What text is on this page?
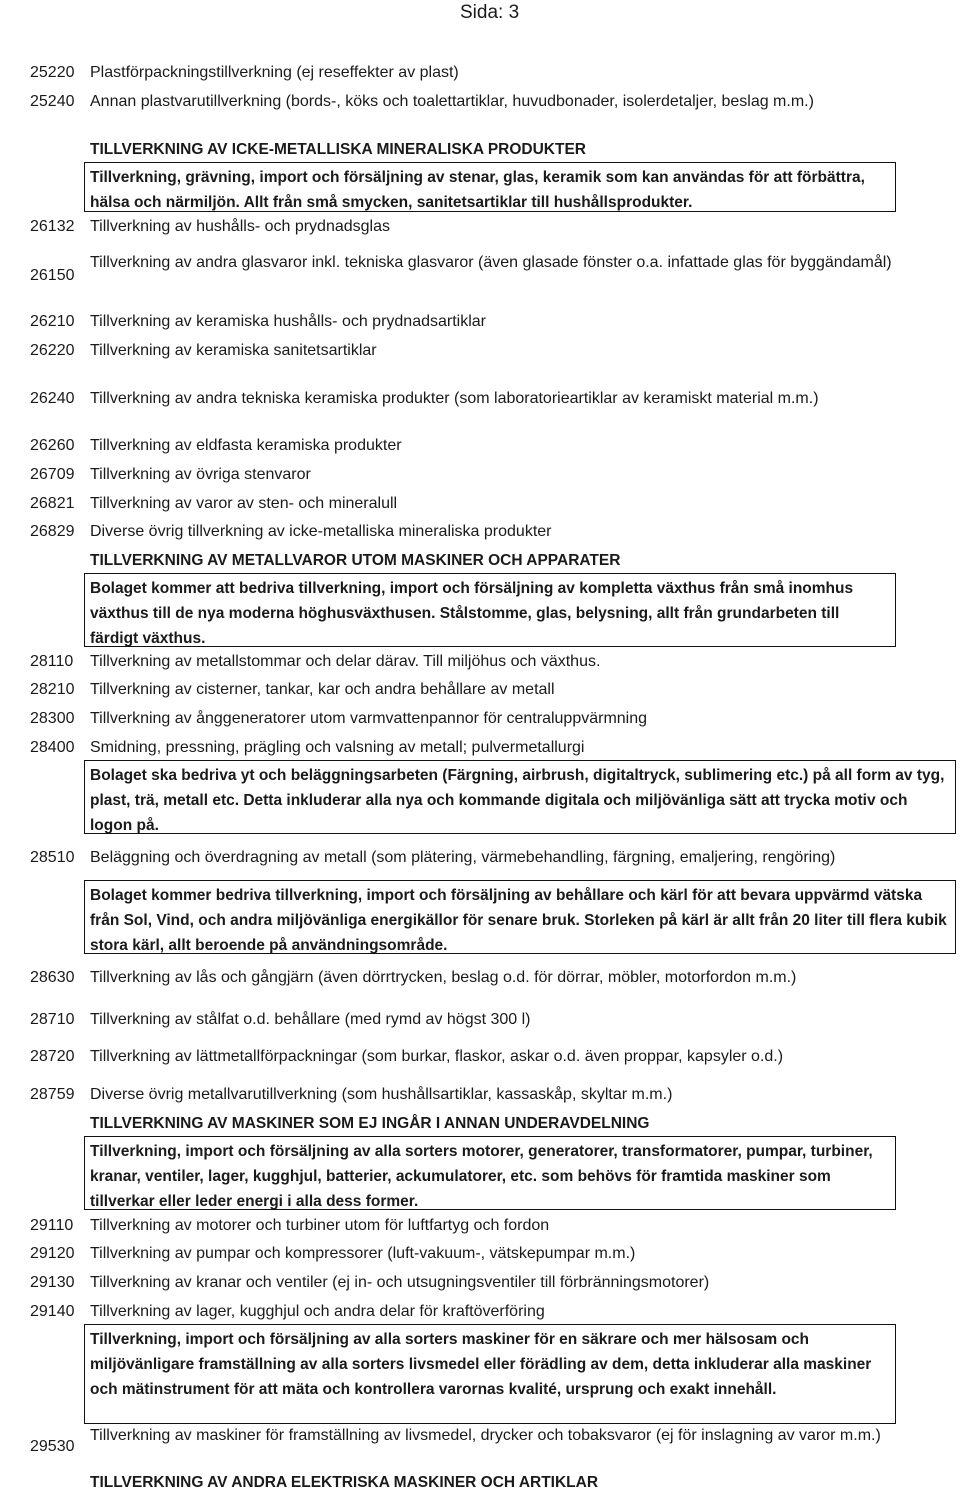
Sida: 3
25220 Plastförpackningstillverkning (ej reseffekter av plast)
25240 Annan plastvarutillverkning (bords-, köks och toalettartiklar, huvudbonader, isolerdetaljer, beslag m.m.)
TILLVERKNING AV ICKE-METALLISKA MINERALISKA PRODUKTER
Tillverkning, grävning, import och försäljning av stenar, glas, keramik som kan användas för att förbättra, hälsa och närmiljön. Allt från små smycken, sanitetsartiklar till hushållsprodukter.
26132 Tillverkning av hushålls- och prydnadsglas
26150
Tillverkning av andra glasvaror inkl. tekniska glasvaror (även glasade fönster o.a. infattade glas för byggändamål)
26210 Tillverkning av keramiska hushålls- och prydnadsartiklar
26220 Tillverkning av keramiska sanitetsartiklar
26240 Tillverkning av andra tekniska keramiska produkter (som laboratorieartiklar av keramiskt material m.m.)
26260 Tillverkning av eldfasta keramiska produkter
26709 Tillverkning av övriga stenvaror
26821 Tillverkning av varor av sten- och mineralull
26829 Diverse övrig tillverkning av icke-metalliska mineraliska produkter
TILLVERKNING AV METALLVAROR UTOM MASKINER OCH APPARATER
Bolaget kommer att bedriva tillverkning, import och försäljning av kompletta växthus från små inomhus växthus till de nya moderna höghusväxthusen. Stålstomme, glas, belysning, allt från grundarbeten till färdigt växthus.
28110 Tillverkning av metallstommar och delar därav. Till miljöhus och växthus.
28210 Tillverkning av cisterner, tankar, kar och andra behållare av metall
28300 Tillverkning av ånggeneratorer utom varmvattenpannor för centraluppvärmning
28400 Smidning, pressning, prägling och valsning av metall; pulvermetallurgi
Bolaget ska bedriva yt och beläggningsarbeten (Färgning, airbrush, digitaltryck, sublimering etc.) på all form av tyg, plast, trä, metall etc. Detta inkluderar alla nya och kommande digitala och miljövänliga sätt att trycka motiv och logon på.
28510 Beläggning och överdragning av metall (som plätering, värmebehandling, färgning, emaljering, rengöring)
Bolaget kommer bedriva tillverkning, import och försäljning av behållare och kärl för att bevara uppvärmd vätska från Sol, Vind, och andra miljövänliga energikällor för senare bruk. Storleken på kärl är allt från 20 liter till flera kubik stora kärl, allt beroende på användningsområde.
28630 Tillverkning av lås och gångjärn (även dörrtrycken, beslag o.d. för dörrar, möbler, motorfordon m.m.)
28710 Tillverkning av stålfat o.d. behållare (med rymd av högst 300 l)
28720 Tillverkning av lättmetallförpackningar (som burkar, flaskor, askar o.d. även proppar, kapsyler o.d.)
28759 Diverse övrig metallvarutillverkning (som hushållsartiklar, kassaskåp, skyltar m.m.)
TILLVERKNING AV MASKINER SOM EJ INGÅR I ANNAN UNDERAVDELNING
Tillverkning, import och försäljning av alla sorters motorer, generatorer, transformatorer, pumpar, turbiner, kranar, ventiler, lager, kugghjul, batterier, ackumulatorer, etc. som behövs för framtida maskiner som tillverkar eller leder energi i alla dess former.
29110 Tillverkning av motorer och turbiner utom för luftfartyg och fordon
29120 Tillverkning av pumpar och kompressorer (luft-vakuum-, vätskepumpar m.m.)
29130 Tillverkning av kranar och ventiler (ej in- och utsugningsventiler till förbränningsmotorer)
29140 Tillverkning av lager, kugghjul och andra delar för kraftöverföring
Tillverkning, import och försäljning av alla sorters maskiner för en säkrare och mer hälsosam och miljövänligare framställning av alla sorters livsmedel eller förädling av dem, detta inkluderar alla maskiner och mätinstrument för att mäta och kontrollera varornas kvalité, ursprung och exakt innehåll.
29530
Tillverkning av maskiner för framställning av livsmedel, drycker och tobaksvaror (ej för inslagning av varor m.m.)
TILLVERKNING AV ANDRA ELEKTRISKA MASKINER OCH ARTIKLAR
